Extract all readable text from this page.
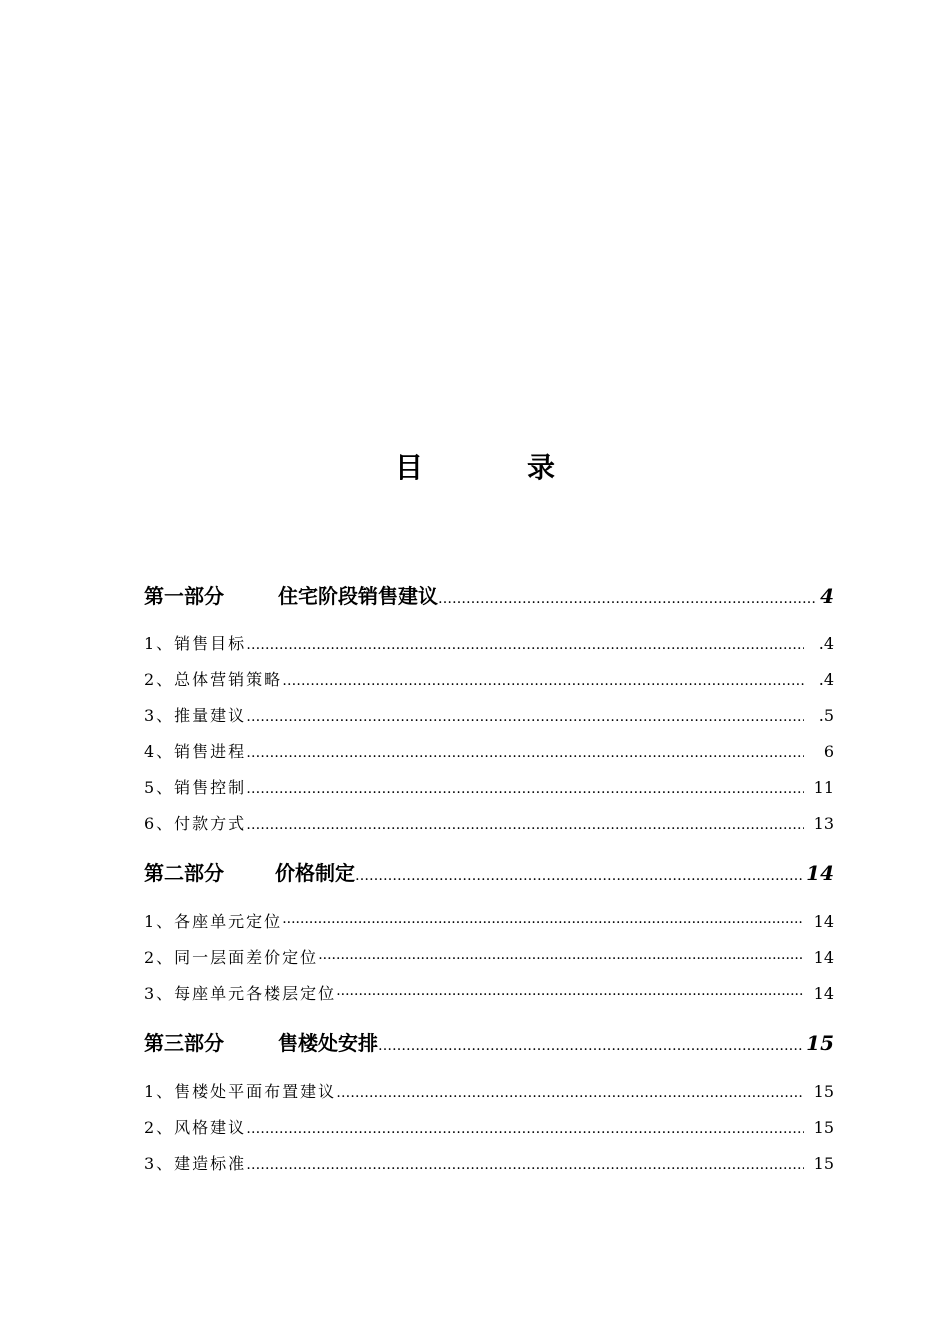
目	录
第一部分	住宅阶段销售建议 ……………………………………………………………………………………………………………………………………………………………………………………………………	4
1、销售目标 ……………………………………………………………………………………………………………………………………………………………………………………………………	.4
2、总体营销策略 ……………………………………………………………………………………………………………………………………………………………………………………………………	.4
3、推量建议 ……………………………………………………………………………………………………………………………………………………………………………………………………	.5
4、销售进程 ……………………………………………………………………………………………………………………………………………………………………………………………………	6
5、销售控制 ……………………………………………………………………………………………………………………………………………………………………………………………………	11
6、付款方式 ……………………………………………………………………………………………………………………………………………………………………………………………………	13
第二部分	价格制定 ……………………………………………………………………………………………………………………………………………………………………………………………………	14
1、各座单元定位 ·····	14
2、同一层面差价定位 ·····	14
3、每座单元各楼层定位 ·····	14
第三部分	售楼处安排 ……………………………………………………………………………………………………………………………………………………………………………………………………	15
1、售楼处平面布置建议 ……………………………………………………………………………………………………………………………………………………………………………………………………	15
2、风格建议 ……………………………………………………………………………………………………………………………………………………………………………………………………	15
3、建造标准 ……………………………………………………………………………………………………………………………………………………………………………………………………	15
